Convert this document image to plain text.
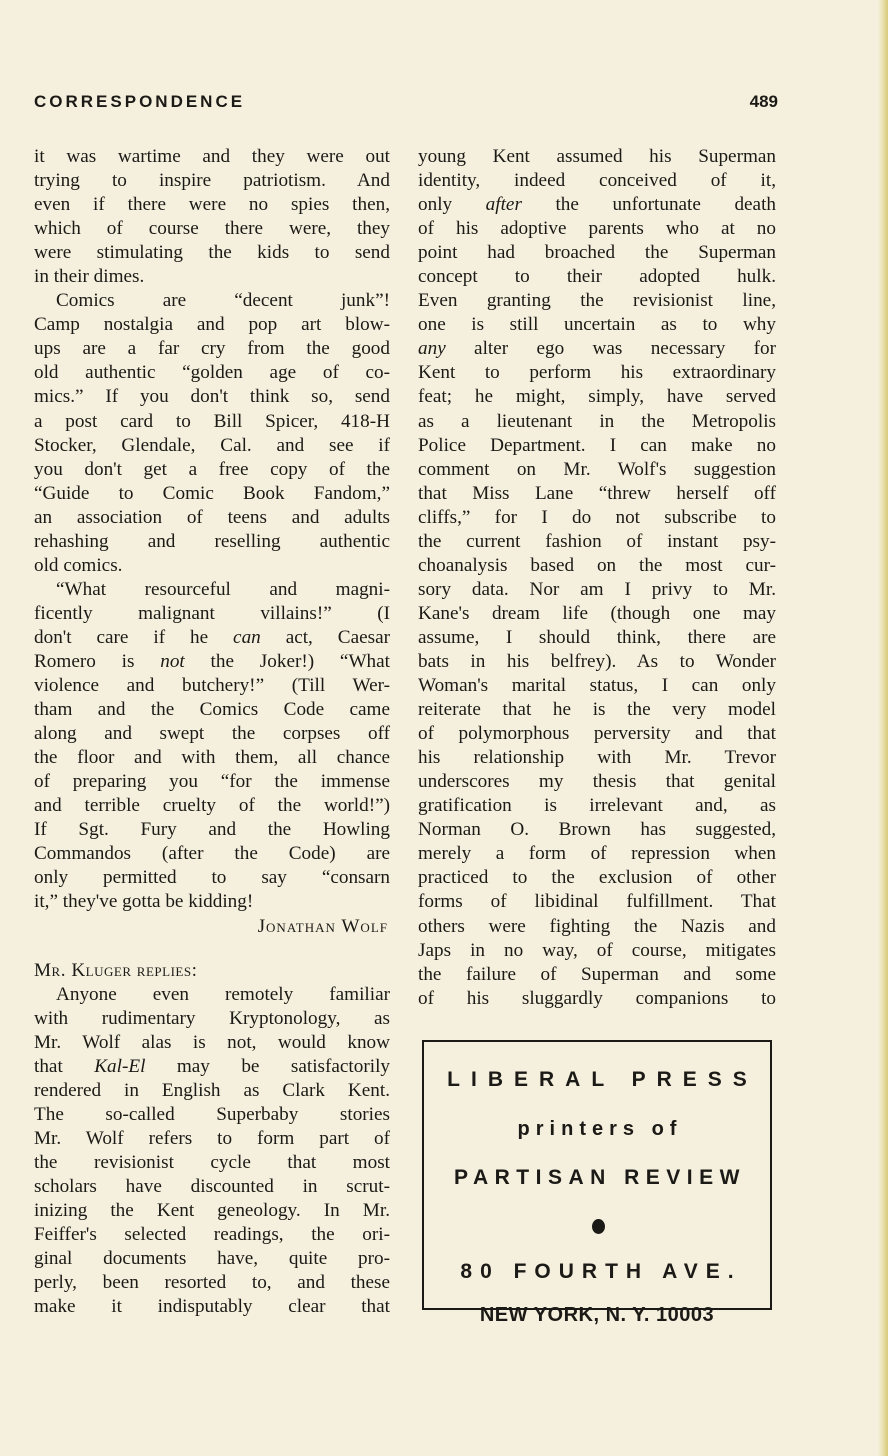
CORRESPONDENCE	489
it was wartime and they were out
trying to inspire patriotism. And
even if there were no spies then,
which of course there were, they
were stimulating the kids to send
in their dimes.
Comics are “decent junk”!
Camp nostalgia and pop art blow-
ups are a far cry from the good
old authentic “golden age of co-
mics.” If you don't think so, send
a post card to Bill Spicer, 418-H
Stocker, Glendale, Cal. and see if
you don't get a free copy of the
“Guide to Comic Book Fandom,”
an association of teens and adults
rehashing and reselling authentic
old comics.
“What resourceful and magni-
ficently malignant villains!” (I
don't care if he can act, Caesar
Romero is not the Joker!) “What
violence and butchery!” (Till Wer-
tham and the Comics Code came
along and swept the corpses off
the floor and with them, all chance
of preparing you “for the immense
and terrible cruelty of the world!”)
If Sgt. Fury and the Howling
Commandos (after the Code) are
only permitted to say “consarn
it,” they've gotta be kidding!
Jonathan Wolf
Mr. Kluger replies:
Anyone even remotely familiar
with rudimentary Kryptonology, as
Mr. Wolf alas is not, would know
that Kal-El may be satisfactorily
rendered in English as Clark Kent.
The so-called Superbaby stories
Mr. Wolf refers to form part of
the revisionist cycle that most
scholars have discounted in scrut-
inizing the Kent geneology. In Mr.
Feiffer's selected readings, the ori-
ginal documents have, quite pro-
perly, been resorted to, and these
make it indisputably clear that
young Kent assumed his Superman
identity, indeed conceived of it,
only after the unfortunate death
of his adoptive parents who at no
point had broached the Superman
concept to their adopted hulk.
Even granting the revisionist line,
one is still uncertain as to why
any alter ego was necessary for
Kent to perform his extraordinary
feat; he might, simply, have served
as a lieutenant in the Metropolis
Police Department. I can make no
comment on Mr. Wolf's suggestion
that Miss Lane “threw herself off
cliffs,” for I do not subscribe to
the current fashion of instant psy-
choanalysis based on the most cur-
sory data. Nor am I privy to Mr.
Kane's dream life (though one may
assume, I should think, there are
bats in his belfrey). As to Wonder
Woman's marital status, I can only
reiterate that he is the very model
of polymorphous perversity and that
his relationship with Mr. Trevor
underscores my thesis that genital
gratification is irrelevant and, as
Norman O. Brown has suggested,
merely a form of repression when
practiced to the exclusion of other
forms of libidinal fulfillment. That
others were fighting the Nazis and
Japs in no way, of course, mitigates
the failure of Superman and some
of his sluggardly companions to
LIBERAL PRESS
printers of
PARTISAN REVIEW
80 FOURTH AVE.
NEW YORK, N. Y. 10003
